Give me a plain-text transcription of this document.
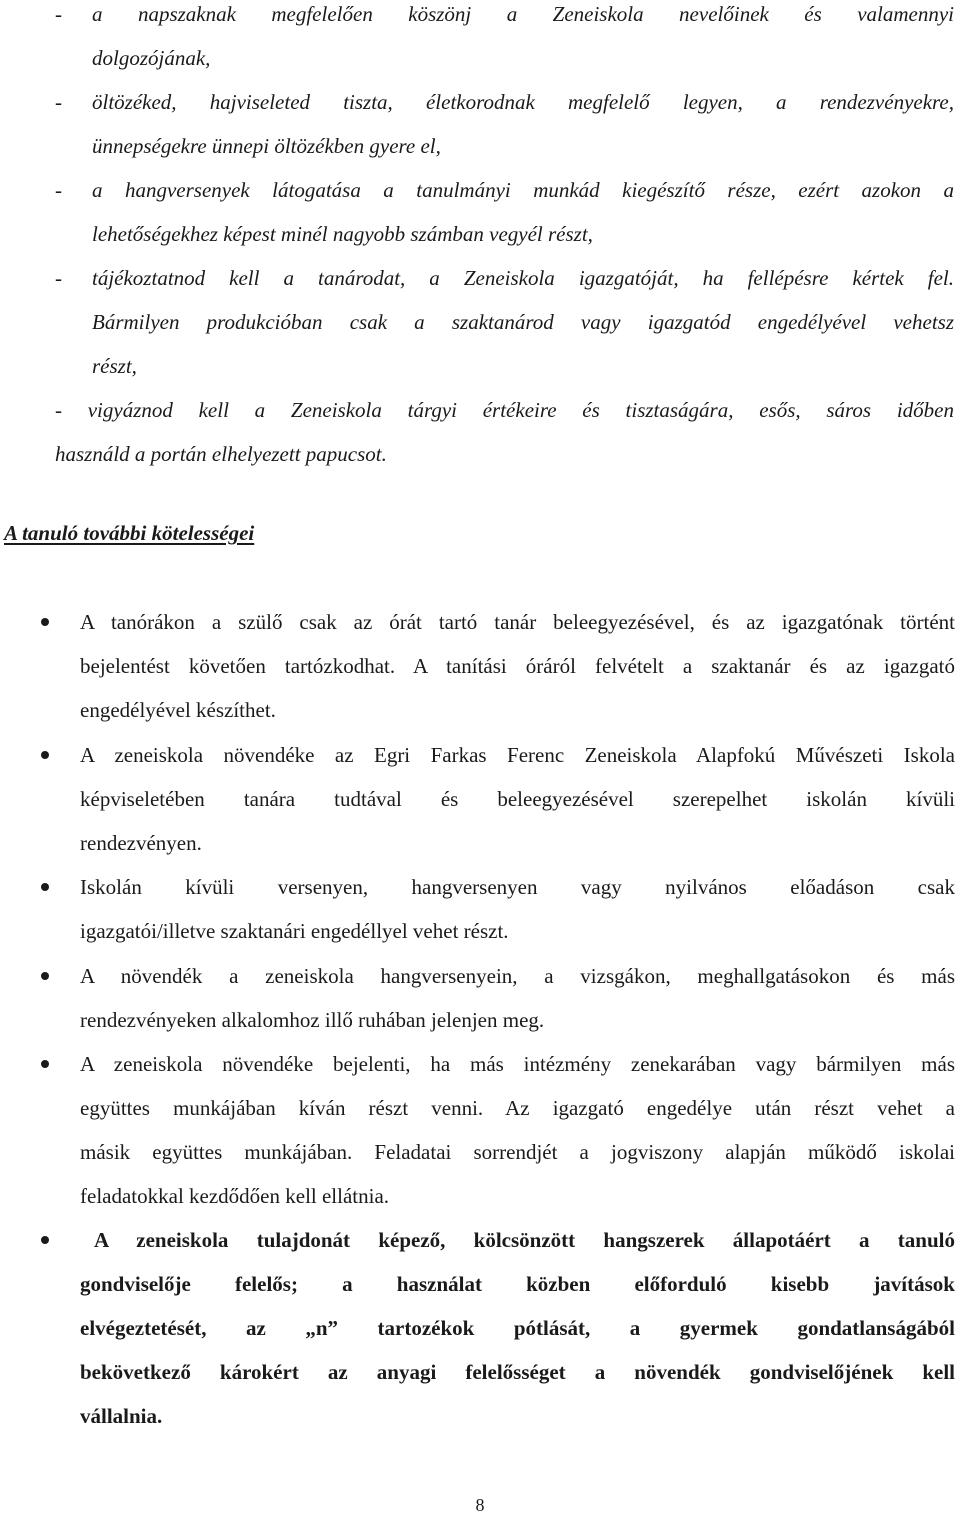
- a napszaknak megfelelően köszönj a Zeneiskola nevelőinek és valamennyi
dolgozójának,
- öltözéked, hajviseleted tiszta, életkorodnak megfelelő legyen, a rendezvényekre,
ünnepségekre ünnepi öltözékben gyere el,
- a hangversenyek látogatása a tanulmányi munkád kiegészítő része, ezért azokon a
lehetőségekhez képest minél nagyobb számban vegyél részt,
- tájékoztatnod kell a tanárodat, a Zeneiskola igazgatóját, ha fellépésre kértek fel.
Bármilyen produkcióban csak a szaktanárod vagy igazgatód engedélyével vehetsz
részt,
- vigyáznod kell a Zeneiskola tárgyi értékeire és tisztaságára, esős, sáros időben
használd a portán elhelyezett papucsot.
A tanuló további kötelességei
A tanórákon a szülő csak az órát tartó tanár beleegyezésével, és az igazgatónak történt
bejelentést követően tartózkodhat. A tanítási óráról felvételt a szaktanár és az igazgató
engedélyével készíthet.
A zeneiskola növendéke az Egri Farkas Ferenc Zeneiskola Alapfokú Művészeti Iskola
képviseletében tanára tudtával és beleegyezésével szerepelhet iskolán kívüli
rendezvényen.
Iskolán kívüli versenyen, hangversenyen vagy nyilvános előadáson csak
igazgatói/illetve szaktanári engedéllyel vehet részt.
A növendék a zeneiskola hangversenyein, a vizsgákon, meghallgatásokon és más
rendezvényeken alkalomhoz illő ruhában jelenjen meg.
A zeneiskola növendéke bejelenti, ha más intézmény zenekarában vagy bármilyen más
együttes munkájában kíván részt venni. Az igazgató engedélye után részt vehet a
másik együttes munkájában. Feladatai sorrendjét a jogviszony alapján működő iskolai
feladatokkal kezdődően kell ellátnia.
A zeneiskola tulajdonát képező, kölcsönzött hangszerek állapotáért a tanuló
gondviselője felelős; a használat közben előforduló kisebb javítások
elvégeztetését, az „n” tartozékok pótlását, a gyermek gondatlanságából
bekövetkező károkért az anyagi felelősséget a növendék gondviselőjének kell
vállalnia.
8
